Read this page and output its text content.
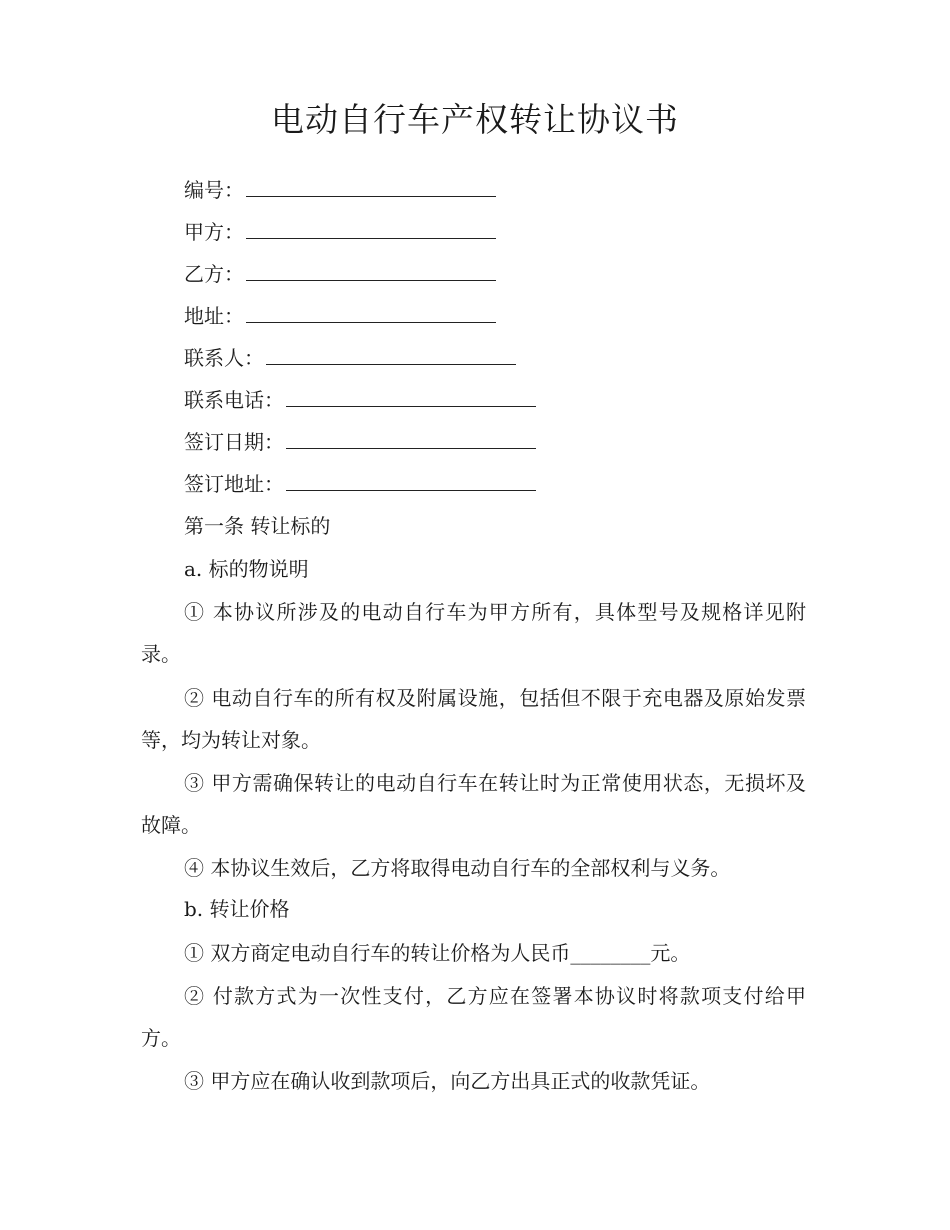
电动自行车产权转让协议书
编号：
甲方：
乙方：
地址：
联系人：
联系电话：
签订日期：
签订地址：
第一条 转让标的
a. 标的物说明
① 本协议所涉及的电动自行车为甲方所有，具体型号及规格详见附录。
② 电动自行车的所有权及附属设施，包括但不限于充电器及原始发票等，均为转让对象。
③ 甲方需确保转让的电动自行车在转让时为正常使用状态，无损坏及故障。
④ 本协议生效后，乙方将取得电动自行车的全部权利与义务。
b. 转让价格
① 双方商定电动自行车的转让价格为人民币________元。
② 付款方式为一次性支付，乙方应在签署本协议时将款项支付给甲方。
③ 甲方应在确认收到款项后，向乙方出具正式的收款凭证。
